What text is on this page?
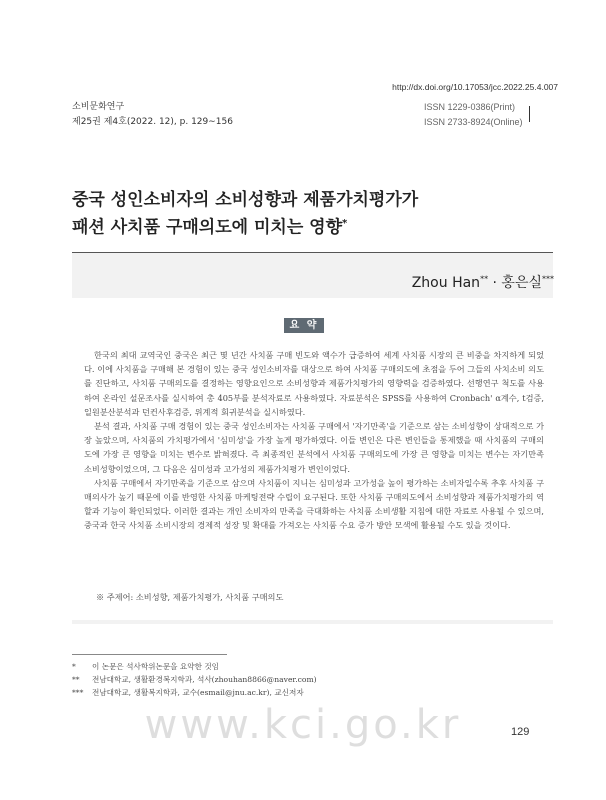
http://dx.doi.org/10.17053/jcc.2022.25.4.007
소비문화연구
제25권 제4호(2022. 12), p. 129∼156
ISSN 1229-0386(Print)
ISSN 2733-8924(Online)
중국 성인소비자의 소비성향과 제품가치평가가
패션 사치품 구매의도에 미치는 영향*
Zhou Han** · 홍은실***
요 약

한국의 최대 교역국인 중국은 최근 몇 년간 사치품 구매 빈도와 액수가 급증하여 세계 사치품 시장의 큰 비중을 차지하게 되었다. 이에 사치품을 구매해 본 경험이 있는 중국 성인소비자를 대상으로 하여 사치품 구매의도에 초점을 두어 그들의 사치소비 의도를 진단하고, 사치품 구매의도를 결정하는 영향요인으로 소비성향과 제품가치평가의 영향력을 검증하였다. 선행연구 척도를 사용하여 온라인 설문조사를 실시하여 총 405부를 분석자료로 사용하였다. 자료분석은 SPSS를 사용하여 Cronbach' α계수, t검증, 일원분산분석과 던컨사후검증, 위계적 회귀분석을 실시하였다.

분석 결과, 사치품 구매 경험이 있는 중국 성인소비자는 사치품 구매에서 '자기만족'을 기준으로 삼는 소비성향이 상대적으로 가장 높았으며, 사치품의 가치평가에서 '심미성'을 가장 높게 평가하였다. 이들 변인은 다른 변인들을 통제했을 때 사치품의 구매의도에 가장 큰 영향을 미치는 변수로 밝혀졌다. 즉 최종적인 분석에서 사치품 구매의도에 가장 큰 영향을 미치는 변수는 자기만족 소비성향이었으며, 그 다음은 심미성과 고가성의 제품가치평가 변인이었다.

사치품 구매에서 자기만족을 기준으로 삼으며 사치품이 지니는 심미성과 고가성을 높이 평가하는 소비자일수록 추후 사치품 구매의사가 높기 때문에 이를 반영한 사치품 마케팅전략 수립이 요구된다. 또한 사치품 구매의도에서 소비성향과 제품가치평가의 역할과 기능이 확인되었다. 이러한 결과는 개인 소비자의 만족을 극대화하는 사치품 소비생활 지침에 대한 자료로 사용될 수 있으며, 중국과 한국 사치품 소비시장의 경제적 성장 및 확대를 가져오는 사치품 수요 증가 방안 모색에 활용될 수도 있을 것이다.

※ 주제어: 소비성향, 제품가치평가, 사치품 구매의도
* 이 논문은 석사학위논문을 요약한 것임
** 전남대학교, 생활환경복지학과, 석사(zhouhan8866@naver.com)
*** 전남대학교, 생활복지학과, 교수(esmail@jnu.ac.kr), 교신저자
www.kci.go.kr	129
